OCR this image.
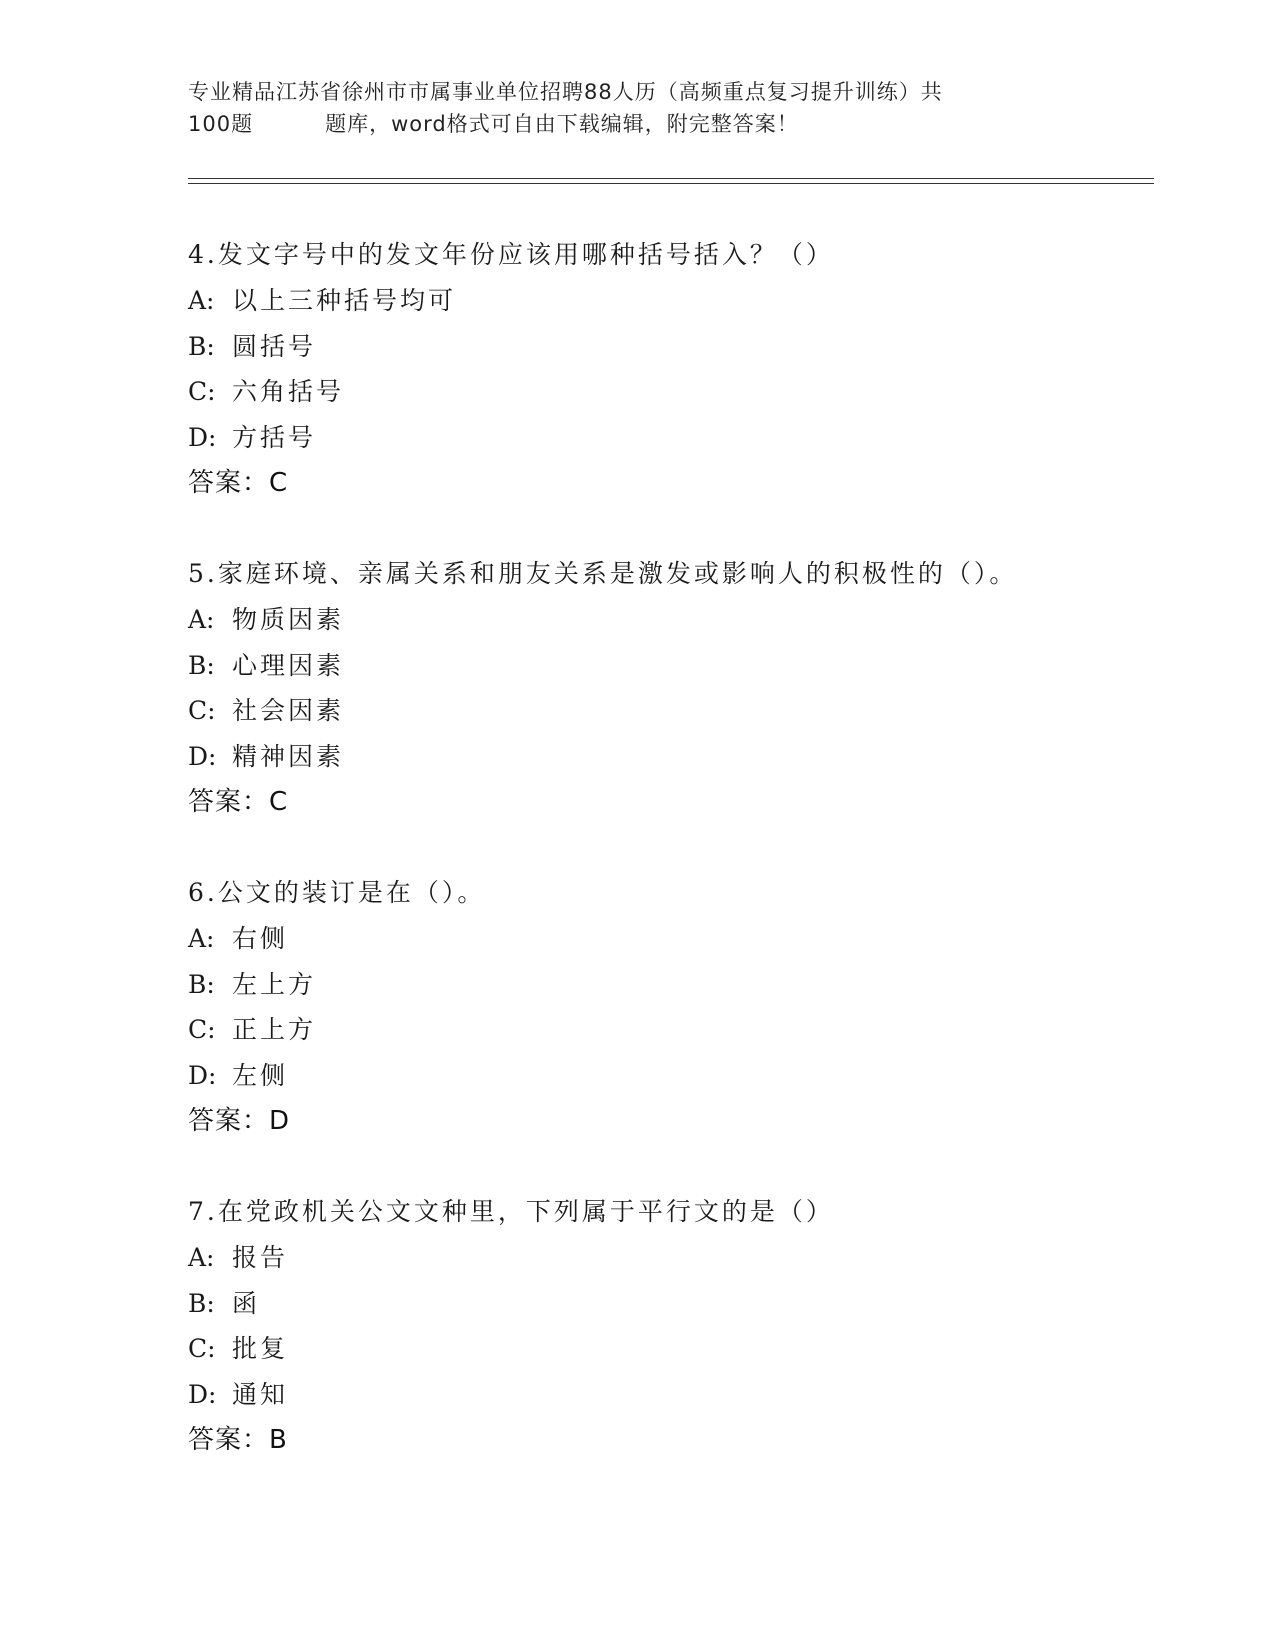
专业精品江苏省徐州市市属事业单位招聘88人历（高频重点复习提升训练）共
100题	题库，word格式可自由下载编辑，附完整答案！

4.发文字号中的发文年份应该用哪种括号括入？（）

A: 以上三种括号均可

B: 圆括号

C: 六角括号

D: 方括号

答案：C

5.家庭环境、亲属关系和朋友关系是激发或影响人的积极性的（）。

A: 物质因素

B: 心理因素

C: 社会因素

D: 精神因素

答案：C

6.公文的装订是在（）。

A: 右侧

B: 左上方

C: 正上方

D: 左侧

答案：D

7.在党政机关公文文种里，下列属于平行文的是（）

A: 报告

B: 函

C: 批复

D: 通知

答案：B
